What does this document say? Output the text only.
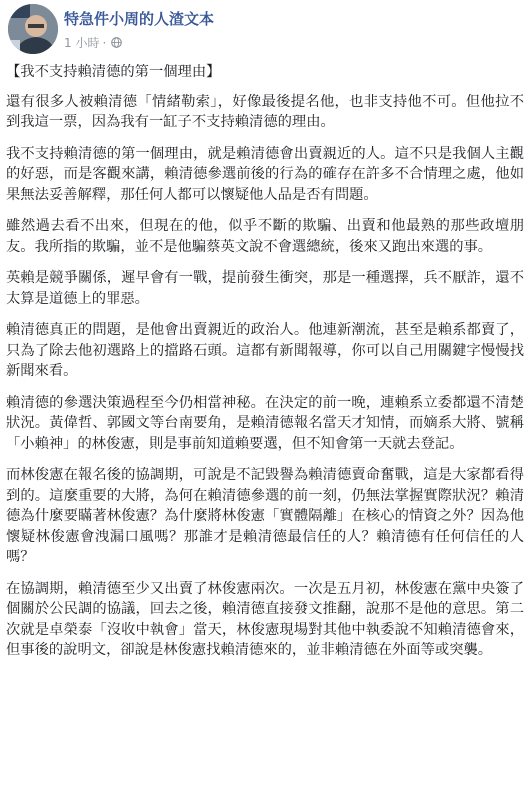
特急件小周的人渣文本
1 小時 ·

【我不支持賴清德的第一個理由】

還有很多人被賴清德「情緒勒索」，好像最後提名他，也非支持他不可。但他拉不到我這一票，因為我有一缸子不支持賴清德的理由。

我不支持賴清德的第一個理由，就是賴清德會出賣親近的人。這不只是我個人主觀的好惡，而是客觀來講，賴清德參選前後的行為的確存在許多不合情理之處，他如果無法妥善解釋，那任何人都可以懷疑他人品是否有問題。

雖然過去看不出來，但現在的他，似乎不斷的欺騙、出賣和他最熟的那些政壇朋友。我所指的欺騙，並不是他騙蔡英文說不會選總統，後來又跑出來選的事。

英賴是競爭關係，遲早會有一戰，提前發生衝突，那是一種選擇，兵不厭詐，還不太算是道德上的罪惡。

賴清德真正的問題，是他會出賣親近的政治人。他連新潮流，甚至是賴系都賣了，只為了除去他初選路上的擋路石頭。這都有新聞報導，你可以自己用關鍵字慢慢找新聞來看。

賴清德的參選決策過程至今仍相當神秘。在決定的前一晚，連賴系立委都還不清楚狀況。黃偉哲、郭國文等台南要角，是賴清德報名當天才知情，而嫡系大將、號稱「小賴神」的林俊憲，則是事前知道賴要選，但不知會第一天就去登記。

而林俊憲在報名後的協調期，可說是不記毀譽為賴清德賣命奮戰，這是大家都看得到的。這麼重要的大將，為何在賴清德參選的前一刻，仍無法掌握實際狀況？賴清德為什麼要瞞著林俊憲？為什麼將林俊憲「實體隔離」在核心的情資之外？因為他懷疑林俊憲會洩漏口風嗎？那誰才是賴清德最信任的人？賴清德有任何信任的人嗎？

在協調期，賴清德至少又出賣了林俊憲兩次。一次是五月初，林俊憲在黨中央簽了個關於公民調的協議，回去之後，賴清德直接發文推翻，說那不是他的意思。第二次就是卓榮泰「沒收中執會」當天，林俊憲現場對其他中執委說不知賴清德會來，但事後的說明文，卻說是林俊憲找賴清德來的，並非賴清德在外面等或突襲。
